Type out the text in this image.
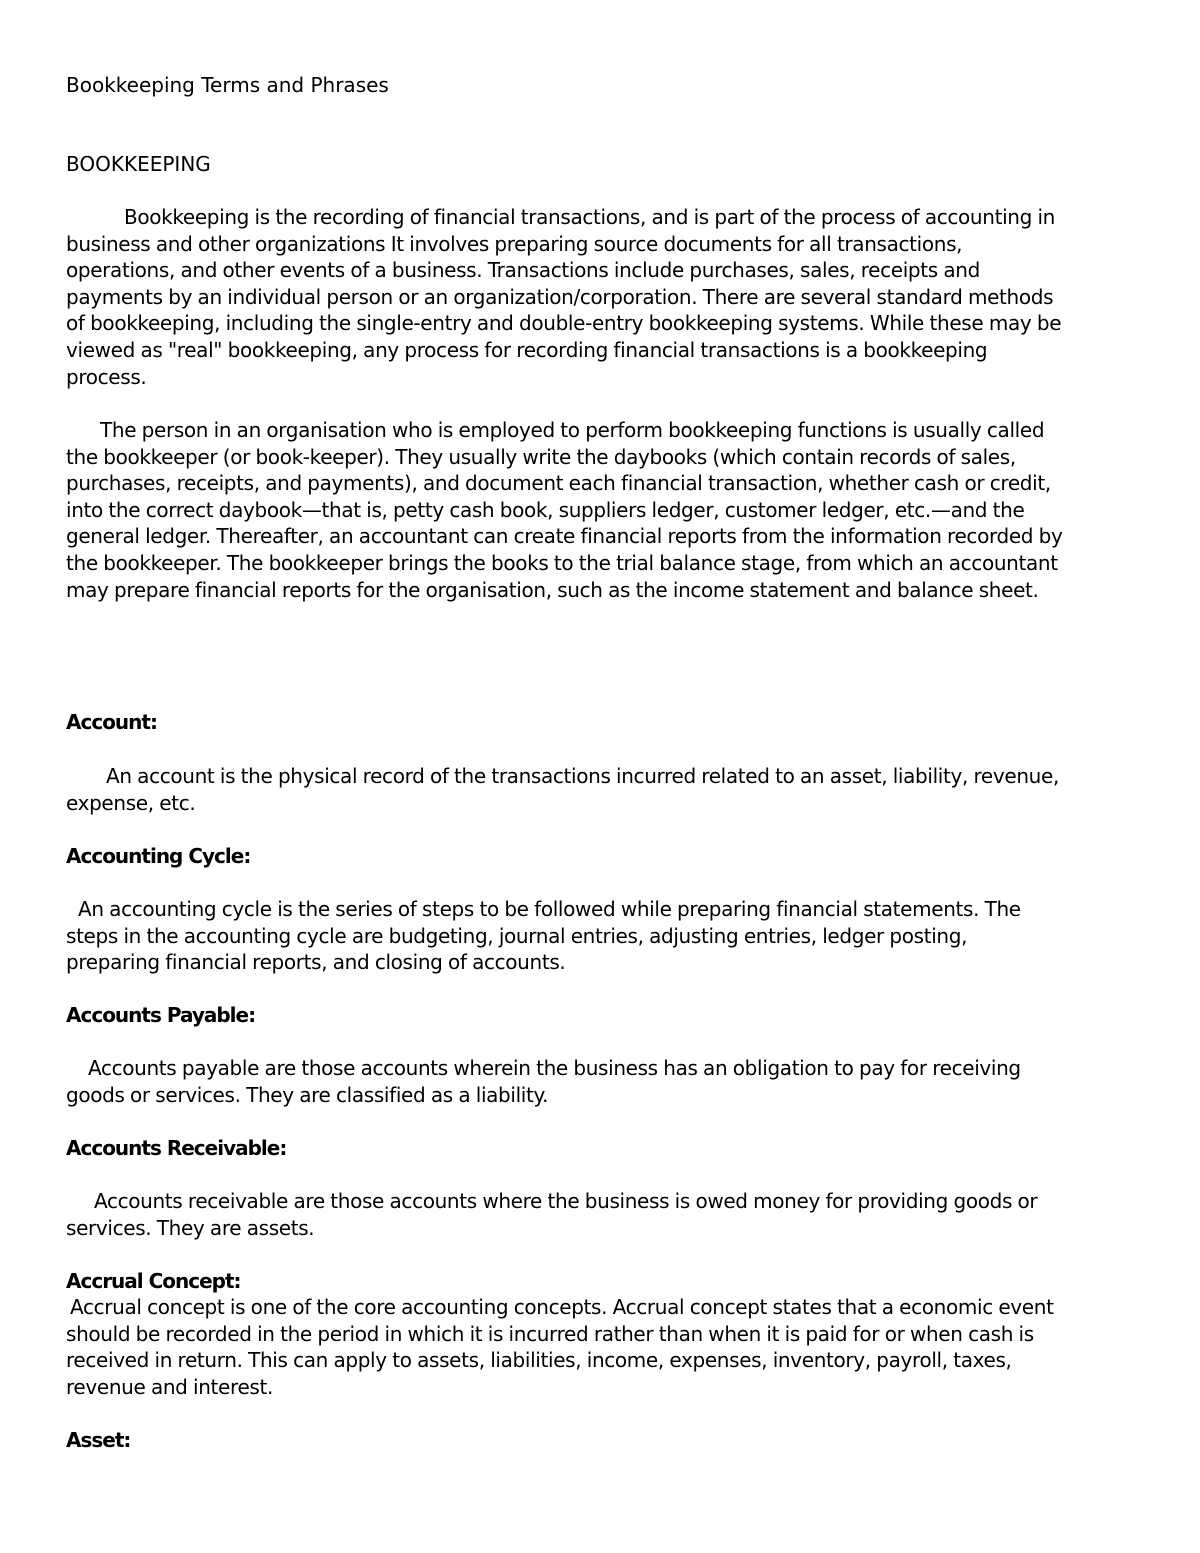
Bookkeeping Terms and Phrases
BOOKKEEPING

Bookkeeping is the recording of financial transactions, and is part of the process of accounting in business and other organizations It involves preparing source documents for all transactions, operations, and other events of a business. Transactions include purchases, sales, receipts and payments by an individual person or an organization/corporation. There are several standard methods of bookkeeping, including the single-entry and double-entry bookkeeping systems. While these may be viewed as "real" bookkeeping, any process for recording financial transactions is a bookkeeping process.

The person in an organisation who is employed to perform bookkeeping functions is usually called the bookkeeper (or book-keeper). They usually write the daybooks (which contain records of sales, purchases, receipts, and payments), and document each financial transaction, whether cash or credit, into the correct daybook—that is, petty cash book, suppliers ledger, customer ledger, etc.—and the general ledger. Thereafter, an accountant can create financial reports from the information recorded by the bookkeeper. The bookkeeper brings the books to the trial balance stage, from which an accountant may prepare financial reports for the organisation, such as the income statement and balance sheet.

Account:

An account is the physical record of the transactions incurred related to an asset, liability, revenue, expense, etc.

Accounting Cycle:

An accounting cycle is the series of steps to be followed while preparing financial statements. The steps in the accounting cycle are budgeting, journal entries, adjusting entries, ledger posting, preparing financial reports, and closing of accounts.

Accounts Payable:

Accounts payable are those accounts wherein the business has an obligation to pay for receiving goods or services. They are classified as a liability.

Accounts Receivable:

Accounts receivable are those accounts where the business is owed money for providing goods or services. They are assets.

Accrual Concept:

Accrual concept is one of the core accounting concepts. Accrual concept states that a economic event should be recorded in the period in which it is incurred rather than when it is paid for or when cash is received in return. This can apply to assets, liabilities, income, expenses, inventory, payroll, taxes, revenue and interest.

Asset:
